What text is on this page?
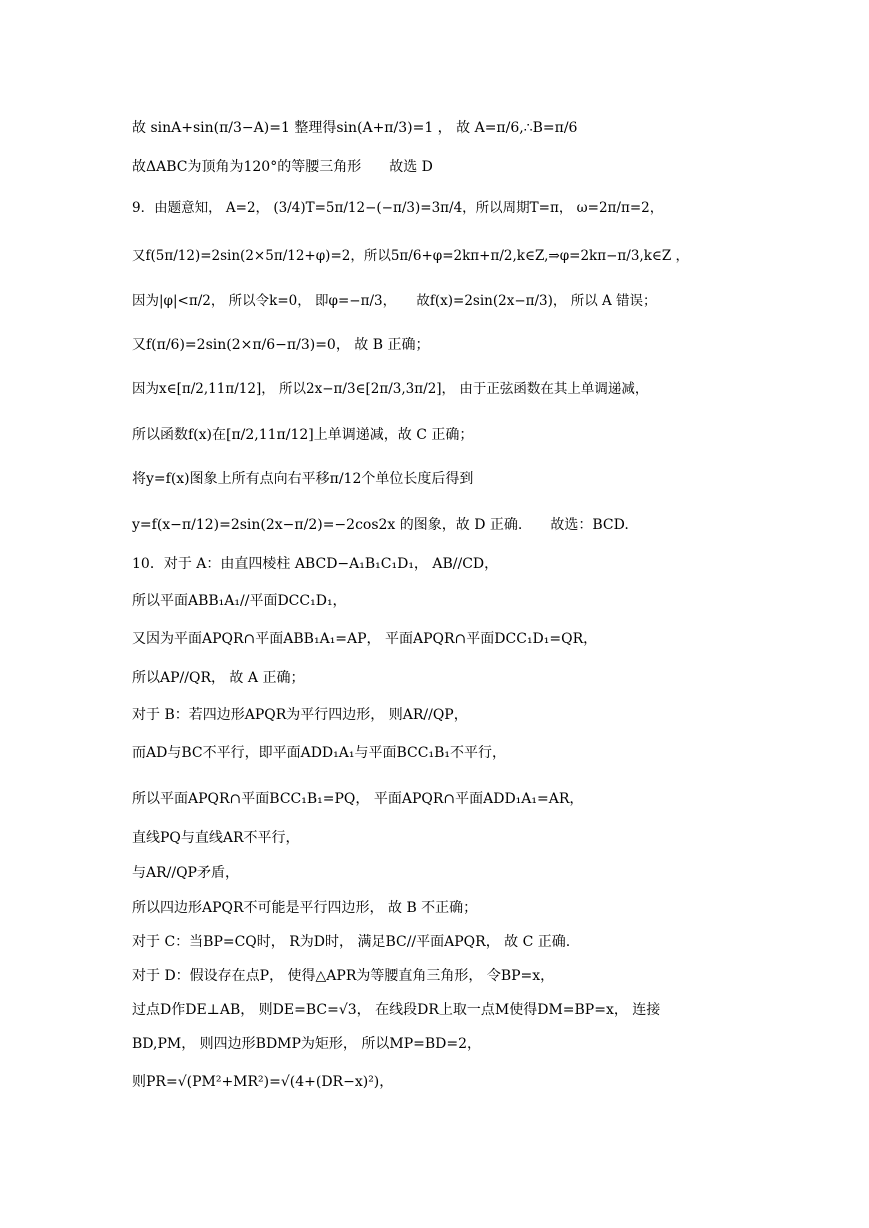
故 sinA+sin(π/3−A)=1 整理得sin(A+π/3)=1 ， 故 A=π/6,∴B=π/6
故ΔABC为顶角为120°的等腰三角形　　故选 D
9．由题意知， A=2， (3/4)T=5π/12−(−π/3)=3π/4，所以周期T=π， ω=2π/π=2，
又f(5π/12)=2sin(2×5π/12+φ)=2，所以5π/6+φ=2kπ+π/2,k∈Z,⇒φ=2kπ−π/3,k∈Z ，
因为|φ|<π/2， 所以令k=0， 即φ=−π/3，　　故f(x)=2sin(2x−π/3)， 所以 A 错误；
又f(π/6)=2sin(2×π/6−π/3)=0， 故 B 正确；
因为x∈[π/2,11π/12]， 所以2x−π/3∈[2π/3,3π/2]， 由于正弦函数在其上单调递减，
所以函数f(x)在[π/2,11π/12]上单调递减，故 C 正确；
将y=f(x)图象上所有点向右平移π/12个单位长度后得到
y=f(x−π/12)=2sin(2x−π/2)=−2cos2x 的图象，故 D 正确.　　故选：BCD.
10．对于 A：由直四棱柱 ABCD−A₁B₁C₁D₁， AB//CD，
所以平面ABB₁A₁//平面DCC₁D₁，
又因为平面APQR∩平面ABB₁A₁=AP， 平面APQR∩平面DCC₁D₁=QR，
所以AP//QR， 故 A 正确；
对于 B：若四边形APQR为平行四边形， 则AR//QP，
而AD与BC不平行，即平面ADD₁A₁与平面BCC₁B₁不平行，
所以平面APQR∩平面BCC₁B₁=PQ， 平面APQR∩平面ADD₁A₁=AR，
直线PQ与直线AR不平行，
与AR//QP矛盾，
所以四边形APQR不可能是平行四边形， 故 B 不正确；
对于 C：当BP=CQ时， R为D时， 满足BC//平面APQR， 故 C 正确.
对于 D：假设存在点P， 使得△APR为等腰直角三角形， 令BP=x，
过点D作DE⊥AB， 则DE=BC=√3， 在线段DR上取一点M使得DM=BP=x， 连接
BD,PM， 则四边形BDMP为矩形， 所以MP=BD=2，
则PR=√(PM²+MR²)=√(4+(DR−x)²)，
